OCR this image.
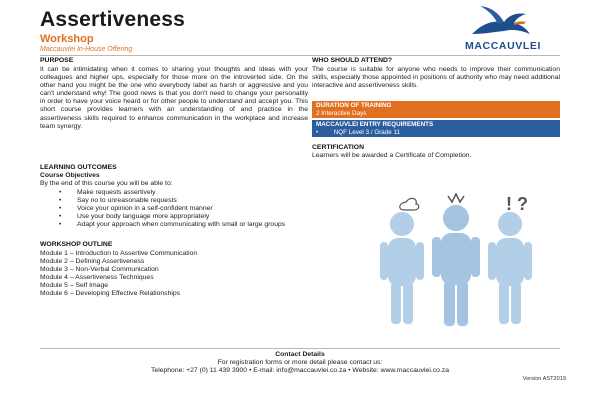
Assertiveness
Workshop
Maccauvlei In-House Offering	MACCAUVLEI
PURPOSE
It can be intimidating when it comes to sharing your thoughts and ideas with your colleagues and higher ups, especially for those more on the introverted side. On the other hand you might be the one who everybody label as harsh or aggressive and you can't understand why! The good news is that you don't need to change your personality in order to have your voice heard or for other people to understand and accept you. This short course provides learners with an understanding of and practice in the assertiveness skills required to enhance communication in the workplace and increase team synergy.
LEARNING OUTCOMES
Course Objectives
By the end of this course you will be able to:
• Make requests assertively
• Say no to unreasonable requests
• Voice your opinion in a self-confident manner
• Use your body language more appropriately
• Adapt your approach when communicating with small or large groups
WORKSHOP OUTLINE
Module 1 – Introduction to Assertive Communication
Module 2 – Defining Assertiveness
Module 3 – Non-Verbal Communication
Module 4 – Assertiveness Techniques
Module 5 – Self Image
Module 6 – Developing Effective Relationships
WHO SHOULD ATTEND?
The course is suitable for anyone who needs to improve their communication skills, especially those appointed in positions of authority who may need additional interactive and assertiveness skills.
DURATION OF TRAINING
2 Interactive Days
MACCAUVLEI ENTRY REQUIREMENTS
• NQF Level 3 / Grade 11
CERTIFICATION
Learners will be awarded a Certificate of Completion.
! ?
Contact Details
For registration forms or more detail please contact us:
Telephone: +27 (0) 11 439 3900 • E-mail: info@maccauvlei.co.za • Website: www.maccauvlei.co.za
Version AST2019
